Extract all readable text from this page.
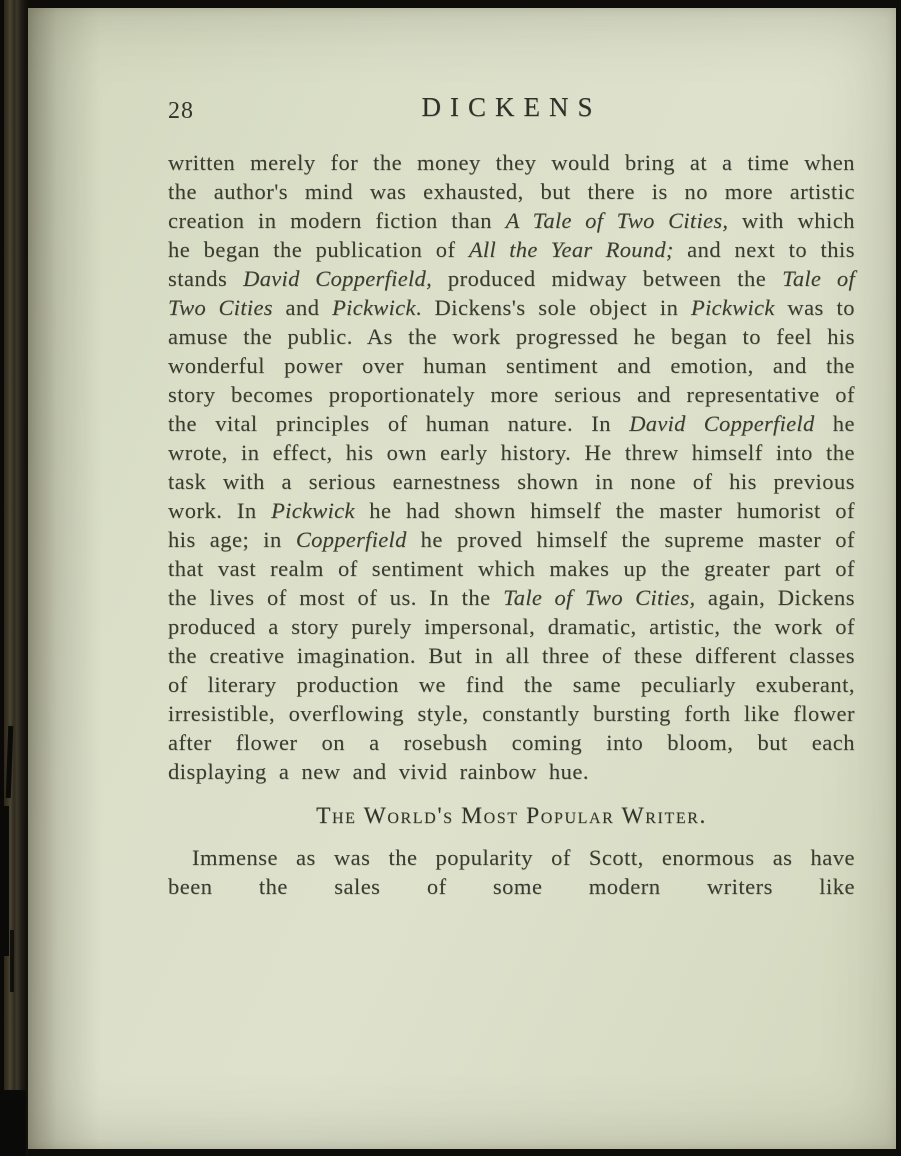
28	DICKENS

written merely for the money they would bring at a time when the author's mind was exhausted, but there is no more artistic creation in modern fiction than A Tale of Two Cities, with which he began the publication of All the Year Round; and next to this stands David Copperfield, produced midway between the Tale of Two Cities and Pickwick. Dickens's sole object in Pickwick was to amuse the public. As the work progressed he began to feel his wonderful power over human sentiment and emotion, and the story becomes proportionately more serious and representative of the vital principles of human nature. In David Copperfield he wrote, in effect, his own early history. He threw himself into the task with a serious earnestness shown in none of his previous work. In Pickwick he had shown himself the master humorist of his age; in Copperfield he proved himself the supreme master of that vast realm of sentiment which makes up the greater part of the lives of most of us. In the Tale of Two Cities, again, Dickens produced a story purely impersonal, dramatic, artistic, the work of the creative imagination. But in all three of these different classes of literary production we find the same peculiarly exuberant, irresistible, overflowing style, constantly bursting forth like flower after flower on a rosebush coming into bloom, but each displaying a new and vivid rainbow hue.

The World's Most Popular Writer.

Immense as was the popularity of Scott, enormous as have been the sales of some modern writers like
